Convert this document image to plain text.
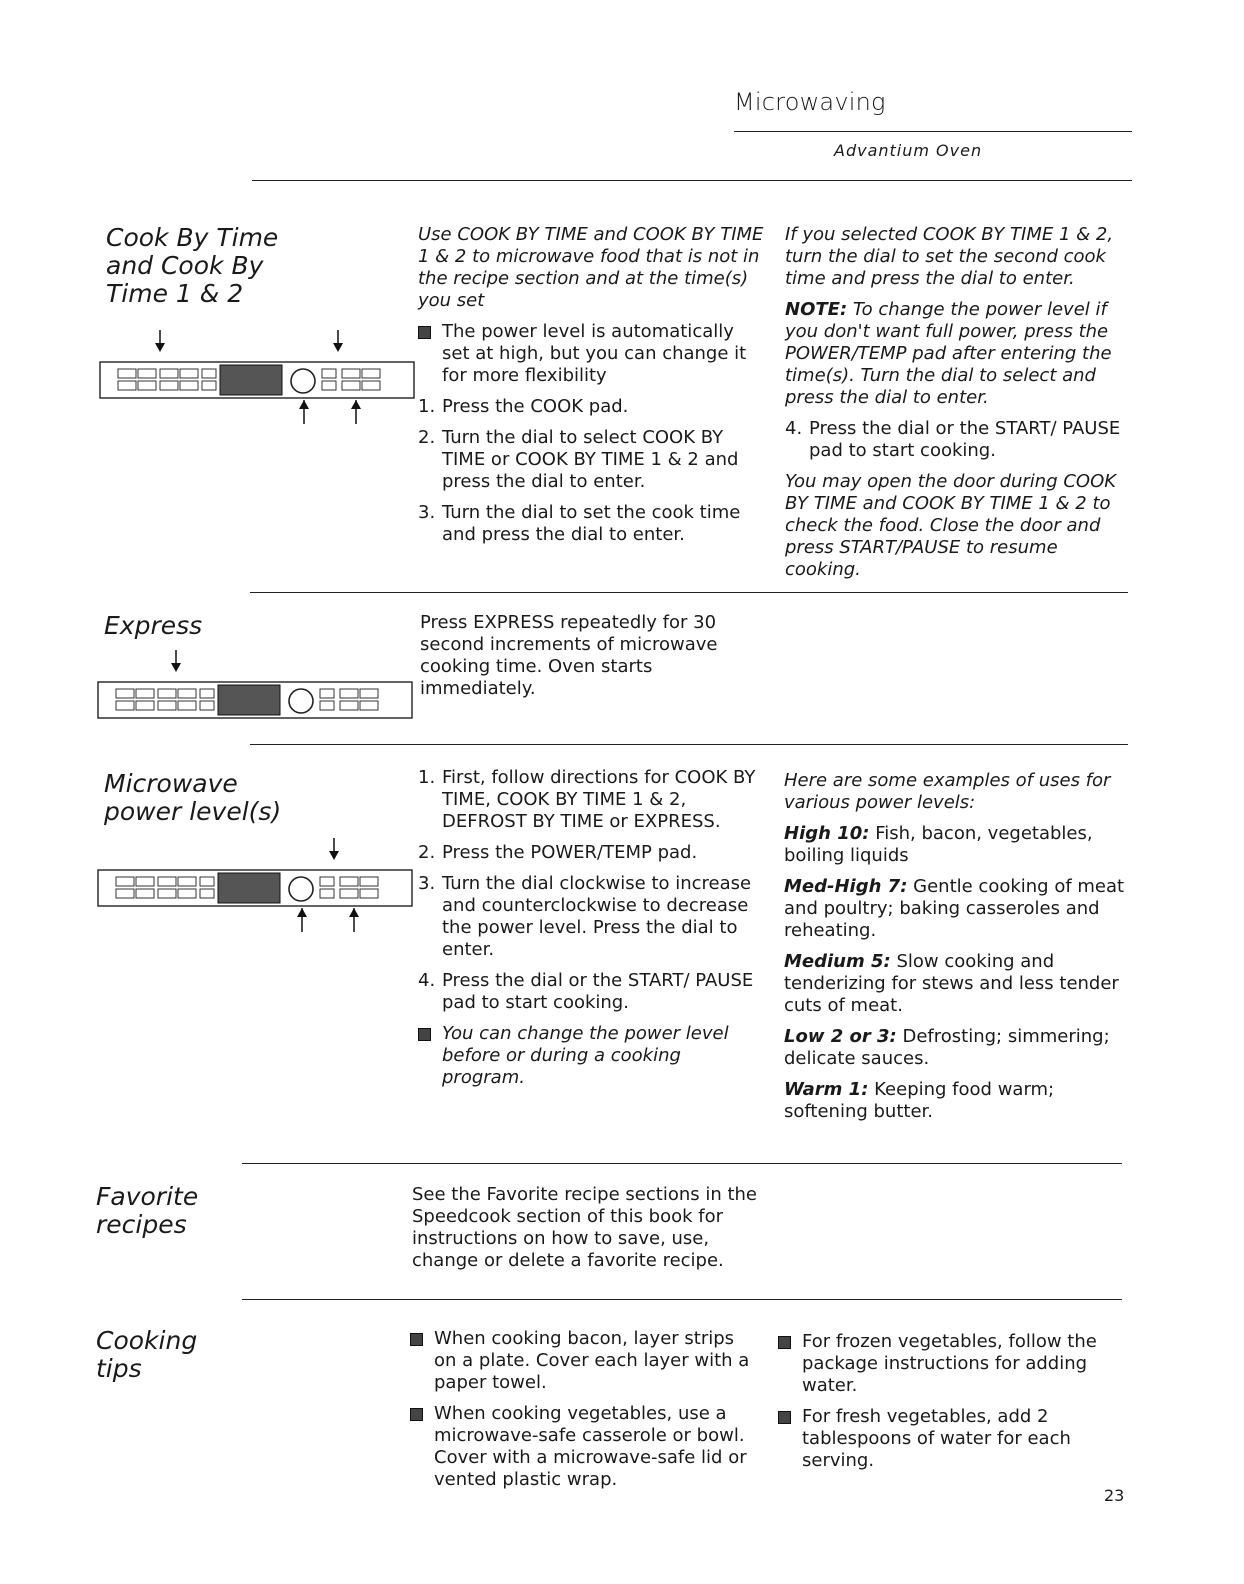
Microwaving
Advantium Oven
Cook By Time
and Cook By
Time 1 & 2

Use COOK BY TIME and COOK BY TIME 1 & 2 to microwave food that is not in the recipe section and at the time(s) you set

The power level is automatically set at high, but you can change it for more flexibility
1. Press the COOK pad.
2. Turn the dial to select COOK BY TIME or COOK BY TIME 1 & 2 and press the dial to enter.
3. Turn the dial to set the cook time and press the dial to enter.

If you selected COOK BY TIME 1 & 2, turn the dial to set the second cook time and press the dial to enter.

NOTE: To change the power level if you don't want full power, press the POWER/TEMP pad after entering the time(s). Turn the dial to select and press the dial to enter.

4. Press the dial or the START/ PAUSE pad to start cooking.

You may open the door during COOK BY TIME and COOK BY TIME 1 & 2 to check the food. Close the door and press START/PAUSE to resume cooking.

Express	Press EXPRESS repeatedly for 30 second increments of microwave cooking time. Oven starts immediately.
Microwave
power level(s)
1. First, follow directions for COOK BY TIME, COOK BY TIME 1 & 2, DEFROST BY TIME or EXPRESS.
2. Press the POWER/TEMP pad.
3. Turn the dial clockwise to increase and counterclockwise to decrease the power level. Press the dial to enter.
4. Press the dial or the START/ PAUSE pad to start cooking.
You can change the power level before or during a cooking program.

Here are some examples of uses for various power levels:

High 10: Fish, bacon, vegetables, boiling liquids

Med-High 7: Gentle cooking of meat and poultry; baking casseroles and reheating.

Medium 5: Slow cooking and tenderizing for stews and less tender cuts of meat.

Low 2 or 3: Defrosting; simmering; delicate sauces.

Warm 1: Keeping food warm; softening butter.

Favorite
recipes
See the Favorite recipe sections in the Speedcook section of this book for instructions on how to save, use, change or delete a favorite recipe.
Cooking
tips
When cooking bacon, layer strips on a plate. Cover each layer with a paper towel.
When cooking vegetables, use a microwave-safe casserole or bowl. Cover with a microwave-safe lid or vented plastic wrap.
For frozen vegetables, follow the package instructions for adding water.
For fresh vegetables, add 2 tablespoons of water for each serving.
23
